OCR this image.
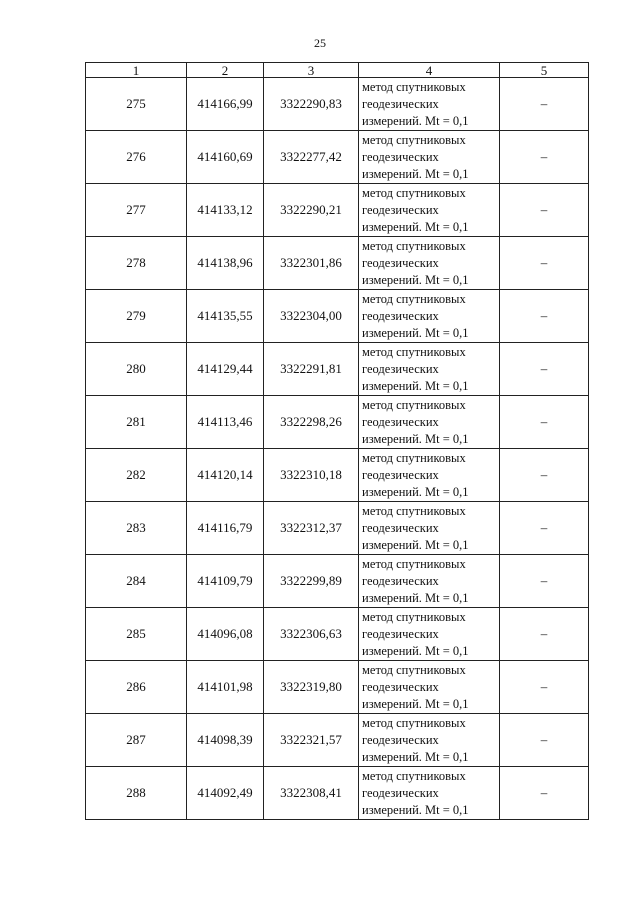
25
1	2	3	4	5
275	414166,99	3322290,83	метод спутниковых
геодезических
измерений. Mt = 0,1	–
276	414160,69	3322277,42	метод спутниковых
геодезических
измерений. Mt = 0,1	–
277	414133,12	3322290,21	метод спутниковых
геодезических
измерений. Mt = 0,1	–
278	414138,96	3322301,86	метод спутниковых
геодезических
измерений. Mt = 0,1	–
279	414135,55	3322304,00	метод спутниковых
геодезических
измерений. Mt = 0,1	–
280	414129,44	3322291,81	метод спутниковых
геодезических
измерений. Mt = 0,1	–
281	414113,46	3322298,26	метод спутниковых
геодезических
измерений. Mt = 0,1	–
282	414120,14	3322310,18	метод спутниковых
геодезических
измерений. Mt = 0,1	–
283	414116,79	3322312,37	метод спутниковых
геодезических
измерений. Mt = 0,1	–
284	414109,79	3322299,89	метод спутниковых
геодезических
измерений. Mt = 0,1	–
285	414096,08	3322306,63	метод спутниковых
геодезических
измерений. Mt = 0,1	–
286	414101,98	3322319,80	метод спутниковых
геодезических
измерений. Mt = 0,1	–
287	414098,39	3322321,57	метод спутниковых
геодезических
измерений. Mt = 0,1	–
288	414092,49	3322308,41	метод спутниковых
геодезических
измерений. Mt = 0,1	–
